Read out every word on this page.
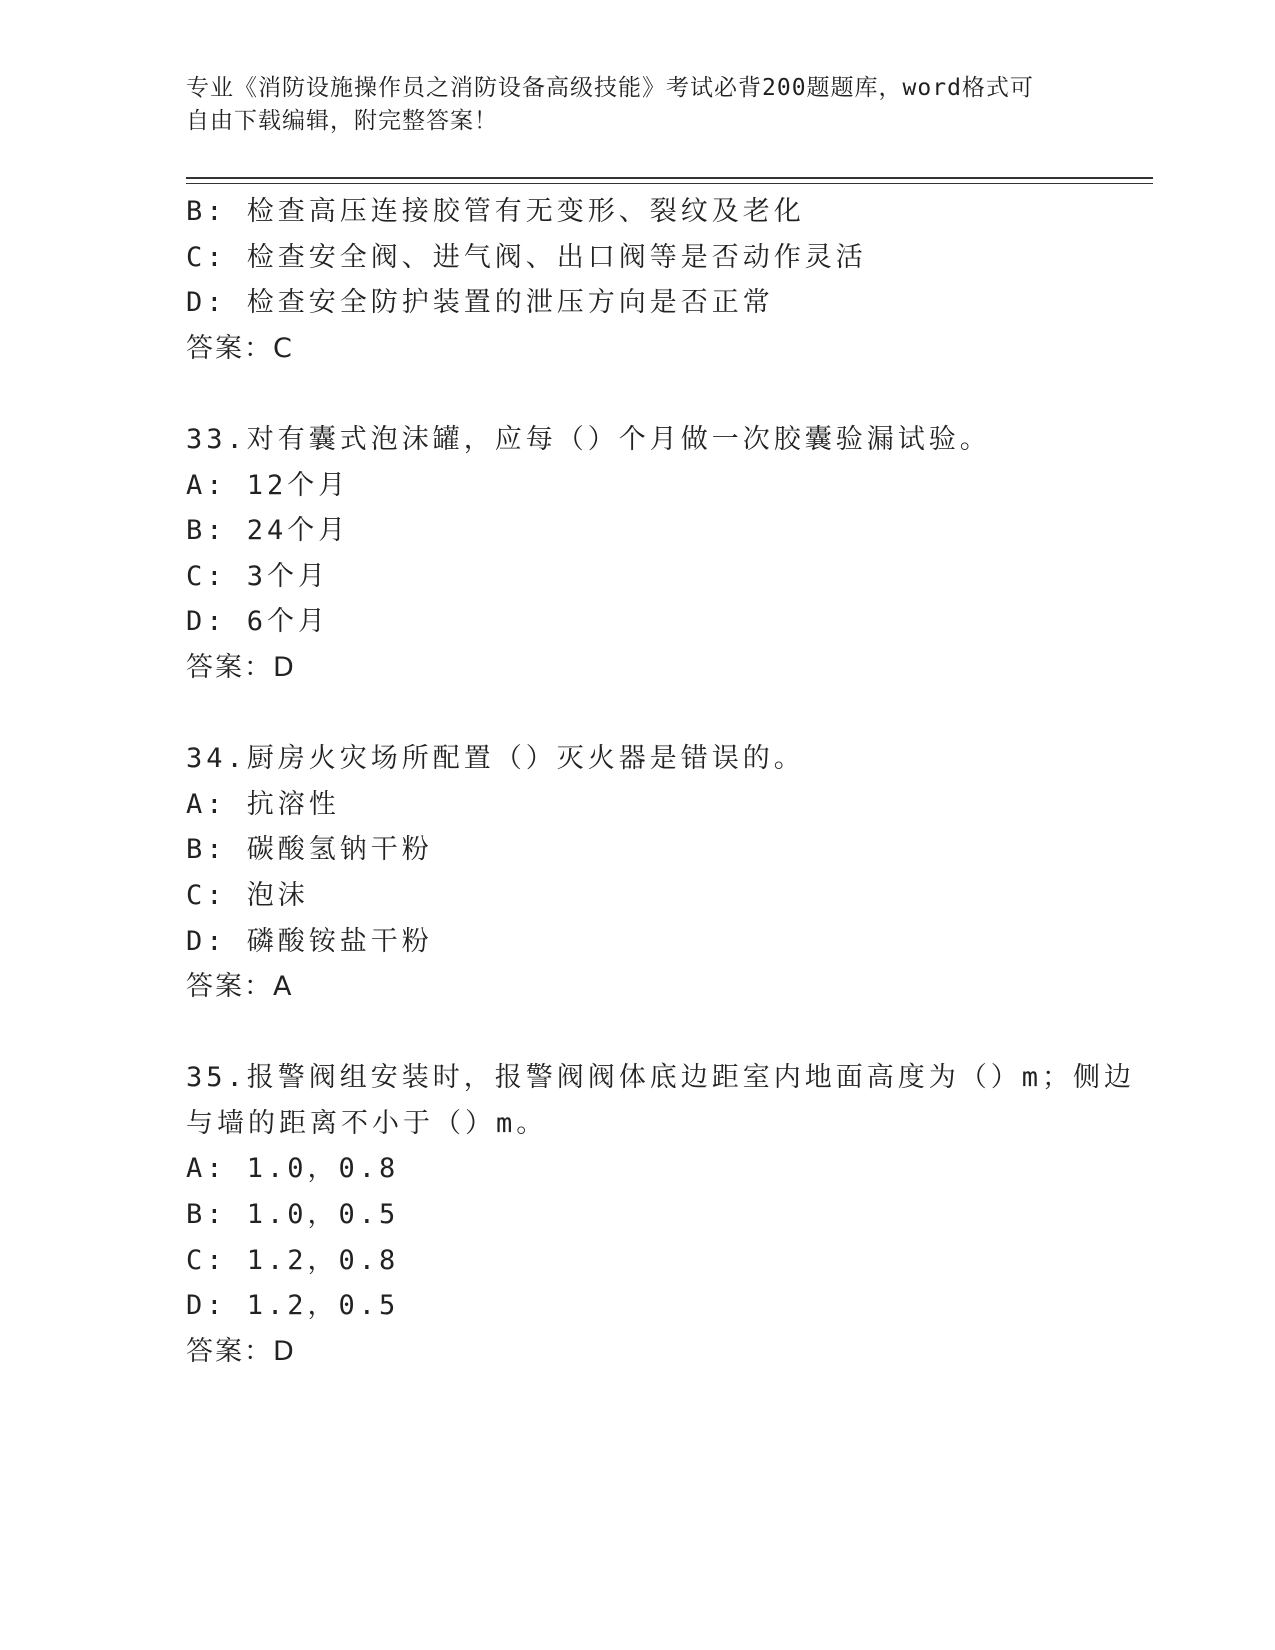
专业《消防设施操作员之消防设备高级技能》考试必背200题题库，word格式可
自由下载编辑，附完整答案！
B: 检查高压连接胶管有无变形、裂纹及老化
C: 检查安全阀、进气阀、出口阀等是否动作灵活
D: 检查安全防护装置的泄压方向是否正常
答案：C
33.对有囊式泡沫罐，应每（）个月做一次胶囊验漏试验。
A: 12个月
B: 24个月
C: 3个月
D: 6个月
答案：D
34.厨房火灾场所配置（）灭火器是错误的。
A: 抗溶性
B: 碳酸氢钠干粉
C: 泡沫
D: 磷酸铵盐干粉
答案：A
35.报警阀组安装时，报警阀阀体底边距室内地面高度为（）m；侧边
与墙的距离不小于（）m。
A: 1.0，0.8
B: 1.0，0.5
C: 1.2，0.8
D: 1.2，0.5
答案：D
